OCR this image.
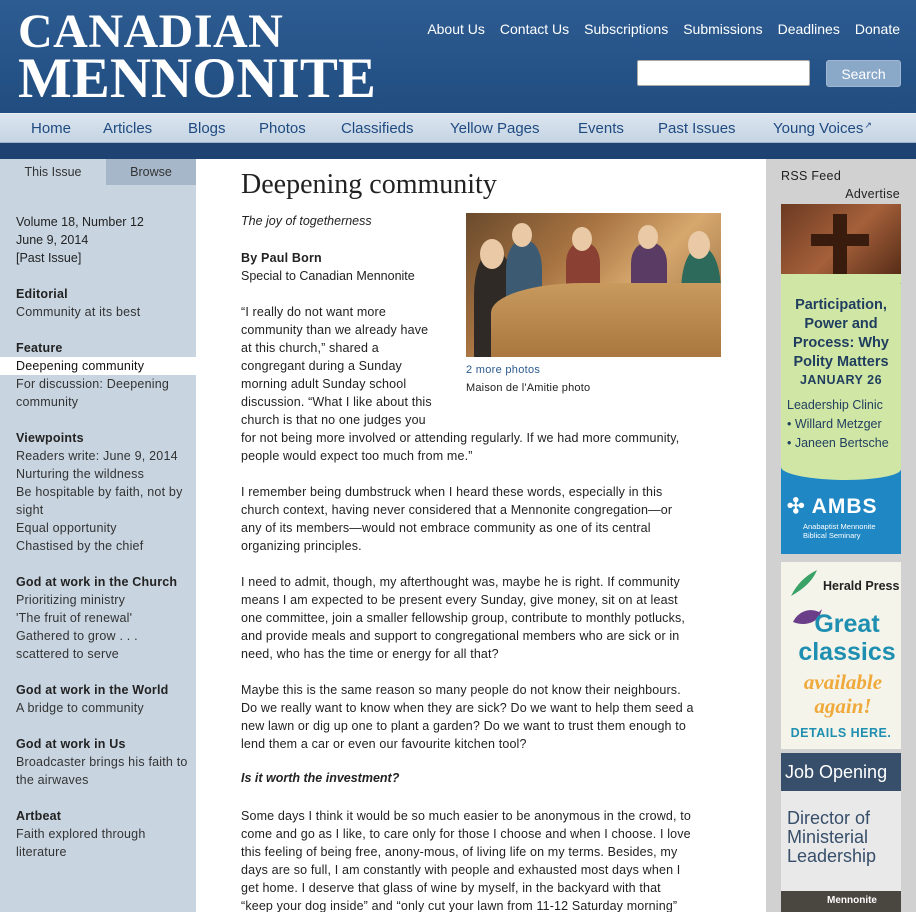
CANADIAN
MENNONITE
About Us Contact Us Subscriptions Submissions Deadlines Donate
Search
Home Articles Blogs Photos Classifieds Yellow Pages	Events Past Issues Young Voices↗
This Issue	Browse
Volume 18, Number 12
June 9, 2014
[Past Issue]
Editorial
Community at its best
Feature
Deepening community
For discussion: Deepening community
Viewpoints
Readers write: June 9, 2014
Nurturing the wildness
Be hospitable by faith, not by sight
Equal opportunity
Chastised by the chief
God at work in the Church
Prioritizing ministry
'The fruit of renewal'
Gathered to grow . . . scattered to serve
God at work in the World
A bridge to community
God at work in Us
Broadcaster brings his faith to the airwaves
Artbeat
Faith explored through literature
Deepening community
The joy of togetherness
By Paul Born
Special to Canadian Mennonite
2 more photos
Maison de l'Amitie photo
“I really do not want more
community than we already have
at this church,” shared a
congregant during a Sunday
morning adult Sunday school
discussion. “What I like about this
church is that no one judges you
for not being more involved or attending regularly. If we had more community,
people would expect too much from me.”
I remember being dumbstruck when I heard these words, especially in this
church context, having never considered that a Mennonite congregation—or
any of its members—would not embrace community as one of its central
organizing principles.
I need to admit, though, my afterthought was, maybe he is right. If community
means I am expected to be present every Sunday, give money, sit on at least
one committee, join a smaller fellowship group, contribute to monthly potlucks,
and provide meals and support to congregational members who are sick or in
need, who has the time or energy for all that?
Maybe this is the same reason so many people do not know their neighbours.
Do we really want to know when they are sick? Do we want to help them seed a
new lawn or dig up one to plant a garden? Do we want to trust them enough to
lend them a car or even our favourite kitchen tool?
Is it worth the investment?
Some days I think it would be so much easier to be anonymous in the crowd, to
come and go as I like, to care only for those I choose and when I choose. I love
this feeling of being free, anony-mous, of living life on my terms. Besides, my
days are so full, I am constantly with people and exhausted most days when I
get home. I deserve that glass of wine by myself, in the backyard with that
“keep your dog inside” and “only cut your lawn from 11-12 Saturday morning”
RSS Feed
Advertise
Participation,
Power and
Process: Why
Polity Matters
JANUARY 26
Leadership Clinic
• Willard Metzger
• Janeen Bertsche
✣ AMBS
Anabaptist Mennonite
Biblical Seminary
Herald Press
Great
classics
available
again!
DETAILS HERE.
Job Opening
Director of
Ministerial
Leadership
Mennonite
